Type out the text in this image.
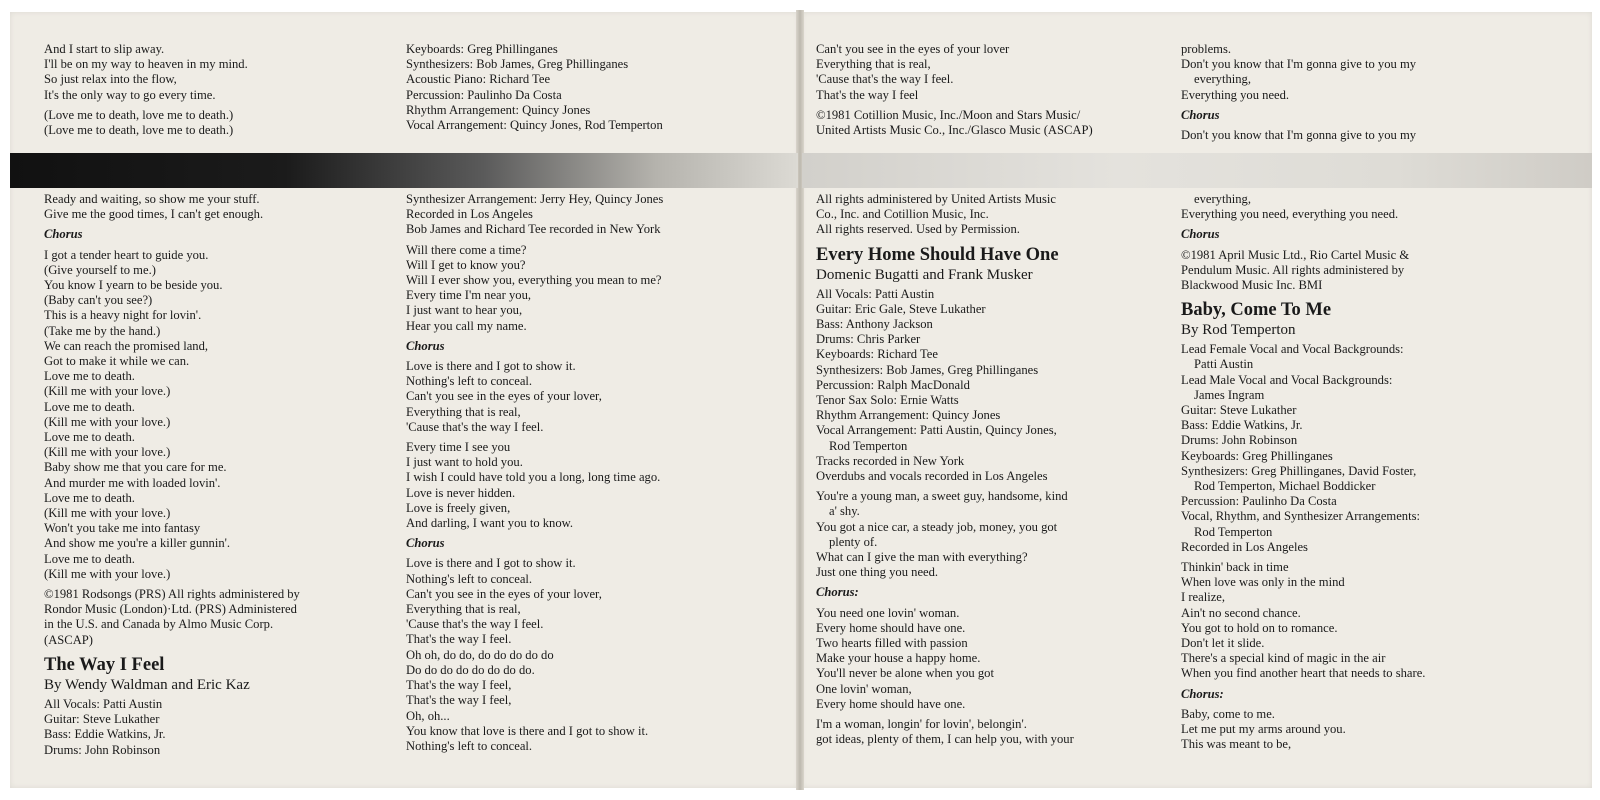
And I start to slip away.
I'll be on my way to heaven in my mind.
So just relax into the flow,
It's the only way to go every time.
(Love me to death, love me to death.)
(Love me to death, love me to death.)
Keyboards: Greg Phillinganes
Synthesizers: Bob James, Greg Phillinganes
Acoustic Piano: Richard Tee
Percussion: Paulinho Da Costa
Rhythm Arrangement: Quincy Jones
Vocal Arrangement: Quincy Jones, Rod Temperton
Ready and waiting, so show me your stuff.
Give me the good times, I can't get enough.
Chorus
I got a tender heart to guide you.
(Give yourself to me.)
You know I yearn to be beside you.
(Baby can't you see?)
This is a heavy night for lovin'.
(Take me by the hand.)
We can reach the promised land,
Got to make it while we can.
Love me to death.
(Kill me with your love.)
Love me to death.
(Kill me with your love.)
Love me to death.
(Kill me with your love.)
Baby show me that you care for me.
And murder me with loaded lovin'.
Love me to death.
(Kill me with your love.)
Won't you take me into fantasy
And show me you're a killer gunnin'.
Love me to death.
(Kill me with your love.)
©1981 Rodsongs (PRS) All rights administered by
Rondor Music (London)·Ltd. (PRS) Administered
in the U.S. and Canada by Almo Music Corp.
(ASCAP)
The Way I Feel
By Wendy Waldman and Eric Kaz
All Vocals: Patti Austin
Guitar: Steve Lukather
Bass: Eddie Watkins, Jr.
Drums: John Robinson
Synthesizer Arrangement: Jerry Hey, Quincy Jones
Recorded in Los Angeles
Bob James and Richard Tee recorded in New York
Will there come a time?
Will I get to know you?
Will I ever show you, everything you mean to me?
Every time I'm near you,
I just want to hear you,
Hear you call my name.
Chorus
Love is there and I got to show it.
Nothing's left to conceal.
Can't you see in the eyes of your lover,
Everything that is real,
'Cause that's the way I feel.
Every time I see you
I just want to hold you.
I wish I could have told you a long, long time ago.
Love is never hidden.
Love is freely given,
And darling, I want you to know.
Chorus
Love is there and I got to show it.
Nothing's left to conceal.
Can't you see in the eyes of your lover,
Everything that is real,
'Cause that's the way I feel.
That's the way I feel.
Oh oh, do do, do do do do do
Do do do do do do do do.
That's the way I feel,
That's the way I feel,
Oh, oh...
You know that love is there and I got to show it.
Nothing's left to conceal.
Can't you see in the eyes of your lover
Everything that is real,
'Cause that's the way I feel.
That's the way I feel
©1981 Cotillion Music, Inc./Moon and Stars Music/
United Artists Music Co., Inc./Glasco Music (ASCAP)
problems.
Don't you know that I'm gonna give to you my
everything,
Everything you need.
Chorus
Don't you know that I'm gonna give to you my
All rights administered by United Artists Music
Co., Inc. and Cotillion Music, Inc.
All rights reserved. Used by Permission.
Every Home Should Have One
Domenic Bugatti and Frank Musker
All Vocals: Patti Austin
Guitar: Eric Gale, Steve Lukather
Bass: Anthony Jackson
Drums: Chris Parker
Keyboards: Richard Tee
Synthesizers: Bob James, Greg Phillinganes
Percussion: Ralph MacDonald
Tenor Sax Solo: Ernie Watts
Rhythm Arrangement: Quincy Jones
Vocal Arrangement: Patti Austin, Quincy Jones,
Rod Temperton
Tracks recorded in New York
Overdubs and vocals recorded in Los Angeles
You're a young man, a sweet guy, handsome, kind
a' shy.
You got a nice car, a steady job, money, you got
plenty of.
What can I give the man with everything?
Just one thing you need.
Chorus:
You need one lovin' woman.
Every home should have one.
Two hearts filled with passion
Make your house a happy home.
You'll never be alone when you got
One lovin' woman,
Every home should have one.
I'm a woman, longin' for lovin', belongin'.
got ideas, plenty of them, I can help you, with your
everything,
Everything you need, everything you need.
Chorus
©1981 April Music Ltd., Rio Cartel Music &
Pendulum Music. All rights administered by
Blackwood Music Inc. BMI
Baby, Come To Me
By Rod Temperton
Lead Female Vocal and Vocal Backgrounds:
Patti Austin
Lead Male Vocal and Vocal Backgrounds:
James Ingram
Guitar: Steve Lukather
Bass: Eddie Watkins, Jr.
Drums: John Robinson
Keyboards: Greg Phillinganes
Synthesizers: Greg Phillinganes, David Foster,
Rod Temperton, Michael Boddicker
Percussion: Paulinho Da Costa
Vocal, Rhythm, and Synthesizer Arrangements:
Rod Temperton
Recorded in Los Angeles
Thinkin' back in time
When love was only in the mind
I realize,
Ain't no second chance.
You got to hold on to romance.
Don't let it slide.
There's a special kind of magic in the air
When you find another heart that needs to share.
Chorus:
Baby, come to me.
Let me put my arms around you.
This was meant to be,
